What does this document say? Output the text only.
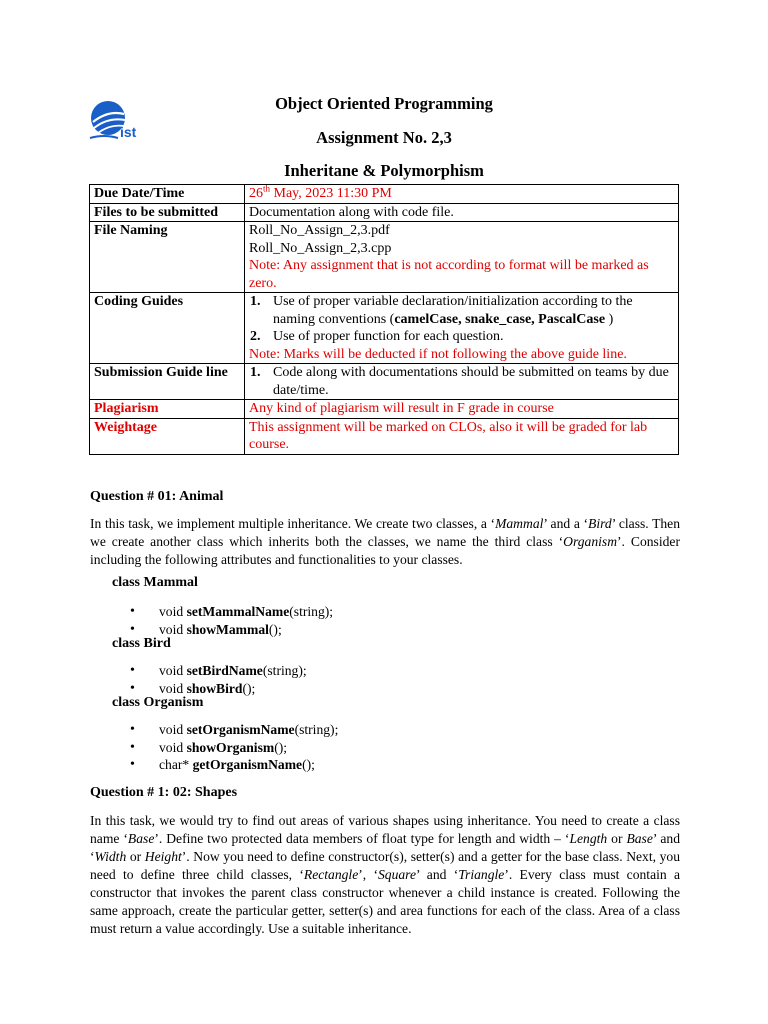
ist
Object Oriented Programming
Assignment No. 2,3
Inheritane & Polymorphism
Due Date/Time	26th May, 2023 11:30 PM
Files to be submitted	Documentation along with code file.
File Naming	Roll_No_Assign_2,3.pdf
Roll_No_Assign_2,3.cpp
Note: Any assignment that is not according to format will be marked as zero.

Coding Guides	1. Use of proper variable declaration/initialization according to the naming conventions (camelCase, snake_case, PascalCase )
2. Use of proper function for each question.
Note: Marks will be deducted if not following the above guide line.

Submission Guide line	1. Code along with documentations should be submitted on teams by due date/time.

Plagiarism	Any kind of plagiarism will result in F grade in course
Weightage	This assignment will be marked on CLOs, also it will be graded for lab course.
Question # 01: Animal
In this task, we implement multiple inheritance. We create two classes, a ‘Mammal’ and a ‘Bird’ class. Then we create another class which inherits both the classes, we name the third class ‘Organism’. Consider including the following attributes and functionalities to your classes.
class Mammal
• void setMammalName(string);
• void showMammal();
class Bird
• void setBirdName(string);
• void showBird();
class Organism
• void setOrganismName(string);
• void showOrganism();
• char* getOrganismName();
Question # 1: 02: Shapes
In this task, we would try to find out areas of various shapes using inheritance. You need to create a class name ‘Base’. Define two protected data members of float type for length and width – ‘Length or Base’ and ‘Width or Height’. Now you need to define constructor(s), setter(s) and a getter for the base class. Next, you need to define three child classes, ‘Rectangle’, ‘Square’ and ‘Triangle’. Every class must contain a constructor that invokes the parent class constructor whenever a child instance is created. Following the same approach, create the particular getter, setter(s) and area functions for each of the class. Area of a class must return a value accordingly. Use a suitable inheritance.
